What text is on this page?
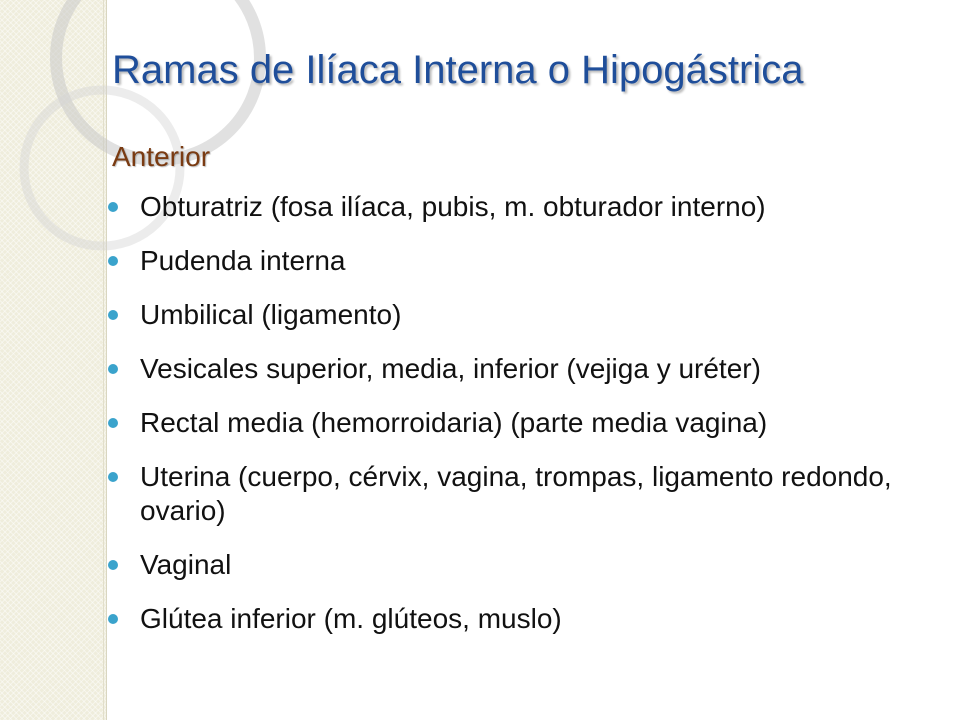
Ramas de Ilíaca Interna o Hipogástrica
Anterior
Obturatriz (fosa ilíaca, pubis, m. obturador interno)
Pudenda interna
Umbilical (ligamento)
Vesicales superior, media, inferior (vejiga y uréter)
Rectal media (hemorroidaria) (parte media vagina)
Uterina (cuerpo, cérvix, vagina, trompas, ligamento redondo, ovario)
Vaginal
Glútea inferior (m. glúteos, muslo)
